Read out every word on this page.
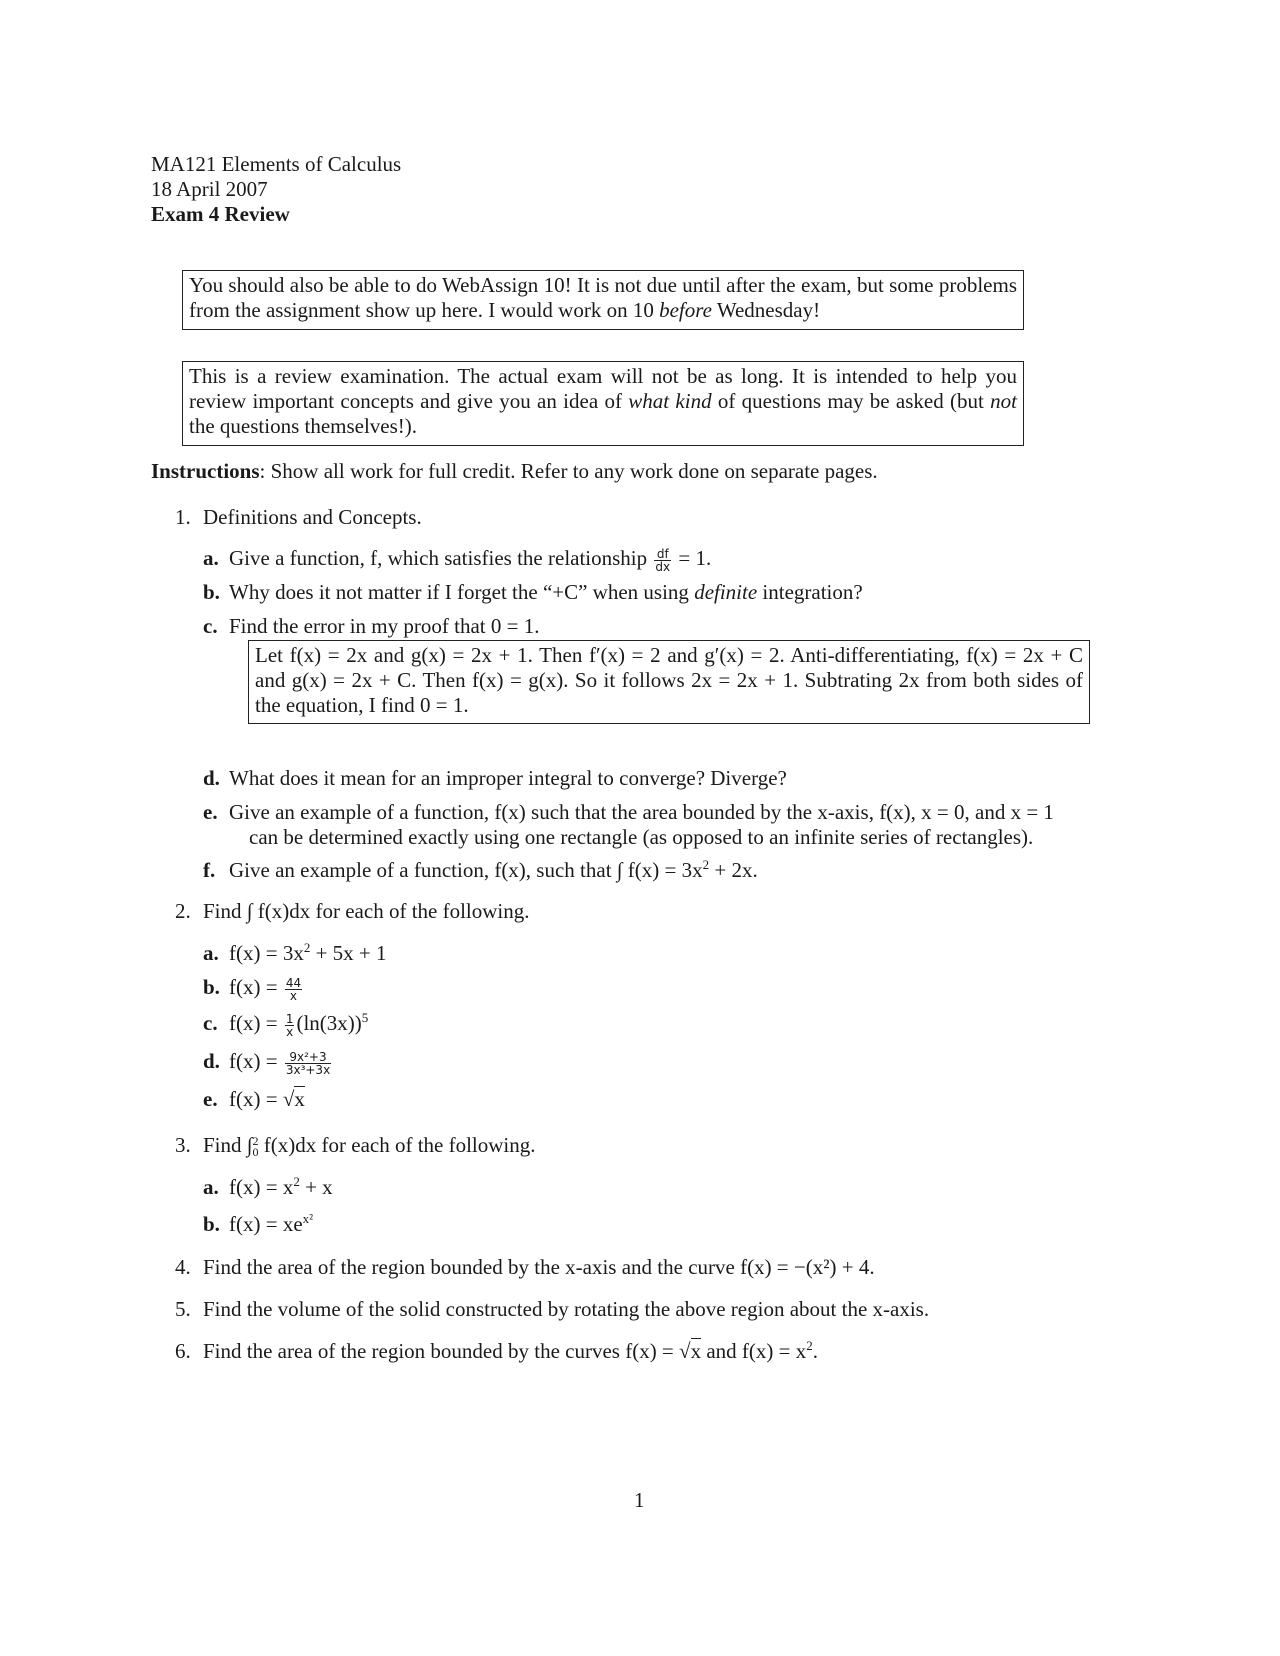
MA121 Elements of Calculus
18 April 2007
Exam 4 Review

You should also be able to do WebAssign 10! It is not due until after the exam, but some problems from the assignment show up here. I would work on 10 before Wednesday!

This is a review examination. The actual exam will not be as long. It is intended to help you review important concepts and give you an idea of what kind of questions may be asked (but not the questions themselves!).

Instructions: Show all work for full credit. Refer to any work done on separate pages.
1. Definitions and Concepts.
a. Give a function, f, which satisfies the relationship $\frac{df}{dx} = 1$.
b. Why does it not matter if I forget the “+C” when using definite integration?
c. Find the error in my proof that 0 = 1.

Let f(x) = 2x and g(x) = 2x + 1. Then f′(x) = 2 and g′(x) = 2. Anti-differentiating, f(x) = 2x + C and g(x) = 2x + C. Then f(x) = g(x). So it follows 2x = 2x + 1. Subtrating 2x from both sides of the equation, I find 0 = 1.

d. What does it mean for an improper integral to converge? Diverge?
e. Give an example of a function, f(x) such that the area bounded by the x-axis, f(x), x = 0, and x = 1
can be determined exactly using one rectangle (as opposed to an infinite series of rectangles).
f. Give an example of a function, f(x), such that ∫ $f(x) = 3x^2 + 2x$.
2. Find ∫ f(x)dx for each of the following.
a. $f(x) = 3x^2 + 5x + 1$
b. $f(x) = \frac{44}{x}$
c. $f(x) = \frac{1}{x} (\ln(3x))^5$
d. $f(x) = \frac{\text{9x²+3}}{\text{3x³+3x}}$
e. f(x) = √x
3. Find ∫ 2
0 f(x)dx for each of the following.
a. $f(x) = x^2 + x$
b. $f(x) = xe^{x^2}$
4. Find the area of the region bounded by the x-axis and the curve f(x) = −(x²) + 4.
5. Find the volume of the solid constructed by rotating the above region about the x-axis.
6. Find the area of the region bounded by the curves f(x) = √x and $f(x) = x^2$.
1
